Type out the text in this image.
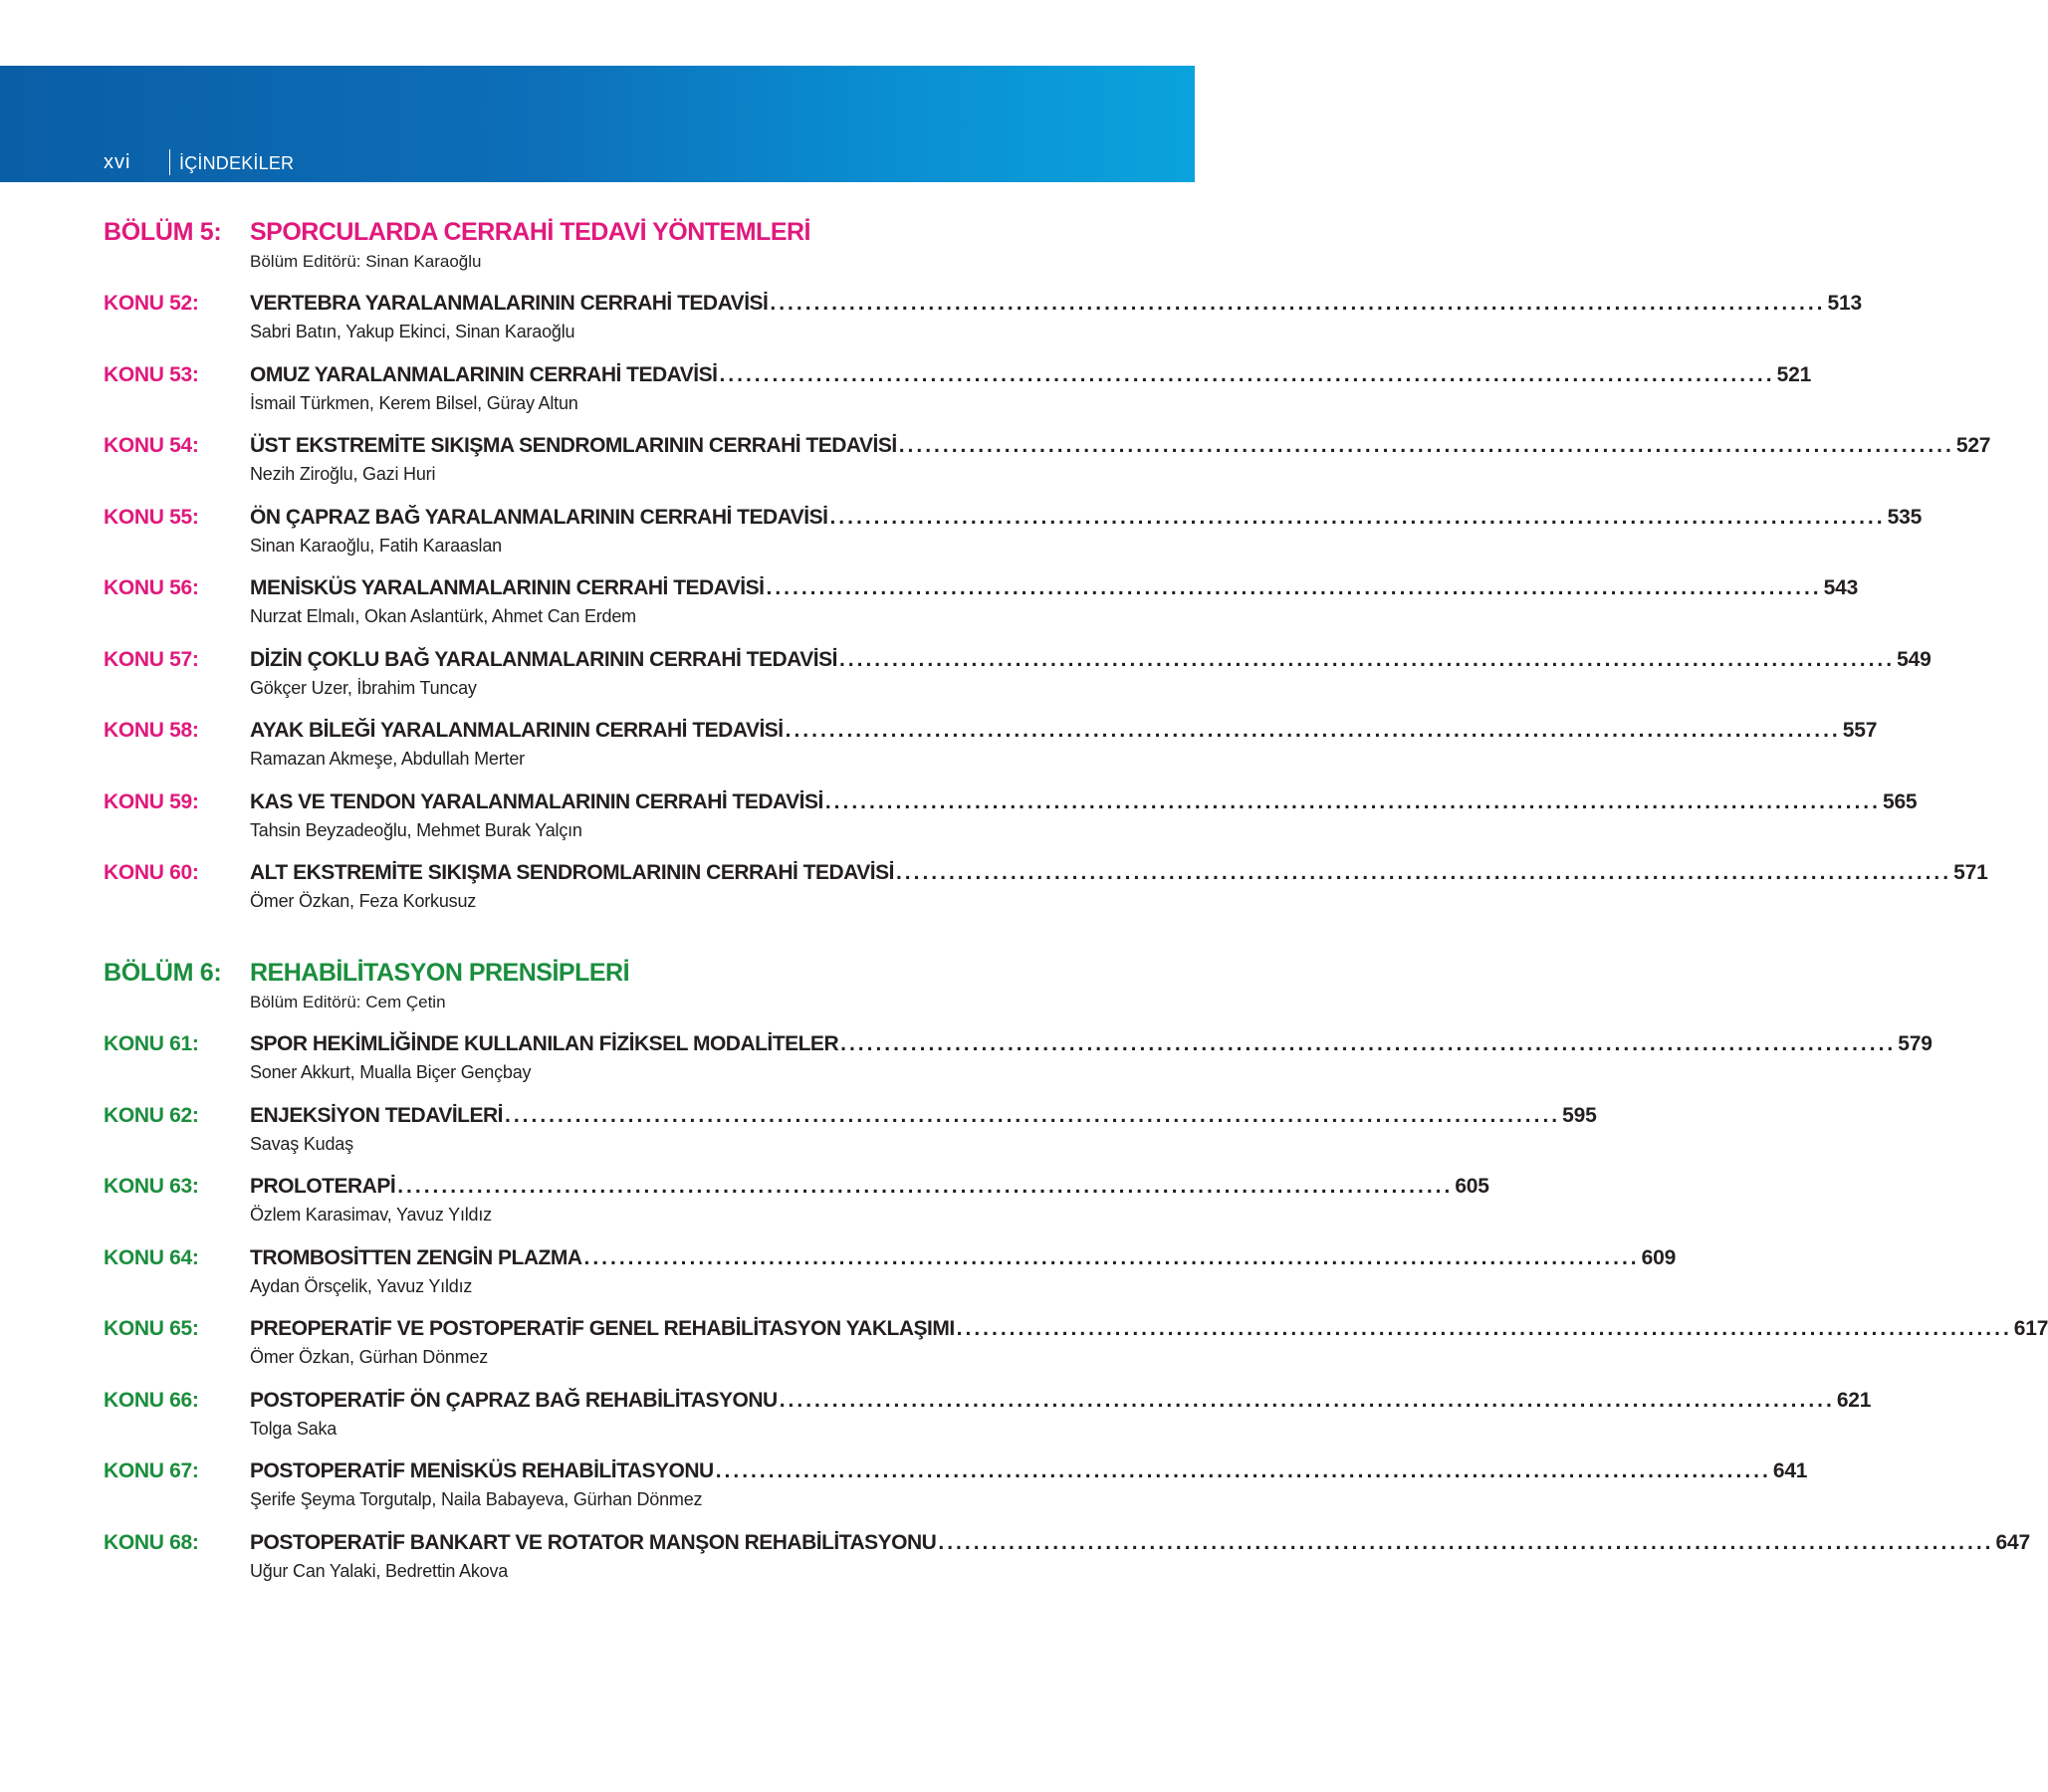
xvi	İÇİNDEKİLER
BÖLÜM 5: SPORCULARDA CERRAHİ TEDAVİ YÖNTEMLERİ
Bölüm Editörü: Sinan Karaoğlu
KONU 52: VERTEBRA YARALANMALARININ CERRAHİ TEDAVİSİ ........................................................................................................................ 513
Sabri Batın, Yakup Ekinci, Sinan Karaoğlu
KONU 53: OMUZ YARALANMALARININ CERRAHİ TEDAVİSİ ........................................................................................................................ 521
İsmail Türkmen, Kerem Bilsel, Güray Altun
KONU 54: ÜST EKSTREMİTE SIKIŞMA SENDROMLARININ CERRAHİ TEDAVİSİ ........................................................................................................................ 527
Nezih Ziroğlu, Gazi Huri
KONU 55: ÖN ÇAPRAZ BAĞ YARALANMALARININ CERRAHİ TEDAVİSİ ........................................................................................................................ 535
Sinan Karaoğlu, Fatih Karaaslan
KONU 56: MENİSKÜS YARALANMALARININ CERRAHİ TEDAVİSİ ........................................................................................................................ 543
Nurzat Elmalı, Okan Aslantürk, Ahmet Can Erdem
KONU 57: DİZİN ÇOKLU BAĞ YARALANMALARININ CERRAHİ TEDAVİSİ ........................................................................................................................ 549
Gökçer Uzer, İbrahim Tuncay
KONU 58: AYAK BİLEĞİ YARALANMALARININ CERRAHİ TEDAVİSİ ........................................................................................................................ 557
Ramazan Akmeşe, Abdullah Merter
KONU 59: KAS VE TENDON YARALANMALARININ CERRAHİ TEDAVİSİ ........................................................................................................................ 565
Tahsin Beyzadeoğlu, Mehmet Burak Yalçın
KONU 60: ALT EKSTREMİTE SIKIŞMA SENDROMLARININ CERRAHİ TEDAVİSİ ........................................................................................................................ 571
Ömer Özkan, Feza Korkusuz
BÖLÜM 6: REHABİLİTASYON PRENSİPLERİ
Bölüm Editörü: Cem Çetin
KONU 61: SPOR HEKİMLİĞİNDE KULLANILAN FİZİKSEL MODALİTELER ........................................................................................................................ 579
Soner Akkurt, Mualla Biçer Gençbay
KONU 62: ENJEKSİYON TEDAVİLERİ ........................................................................................................................ 595
Savaş Kudaş
KONU 63: PROLOTERAPİ ........................................................................................................................ 605
Özlem Karasimav, Yavuz Yıldız
KONU 64: TROMBOSİTTEN ZENGİN PLAZMA ........................................................................................................................ 609
Aydan Örsçelik, Yavuz Yıldız
KONU 65: PREOPERATİF VE POSTOPERATİF GENEL REHABİLİTASYON YAKLAŞIMI ........................................................................................................................ 617
Ömer Özkan, Gürhan Dönmez
KONU 66: POSTOPERATİF ÖN ÇAPRAZ BAĞ REHABİLİTASYONU ........................................................................................................................ 621
Tolga Saka
KONU 67: POSTOPERATİF MENİSKÜS REHABİLİTASYONU ........................................................................................................................ 641
Şerife Şeyma Torgutalp, Naila Babayeva, Gürhan Dönmez
KONU 68: POSTOPERATİF BANKART VE ROTATOR MANŞON REHABİLİTASYONU ........................................................................................................................ 647
Uğur Can Yalaki, Bedrettin Akova
